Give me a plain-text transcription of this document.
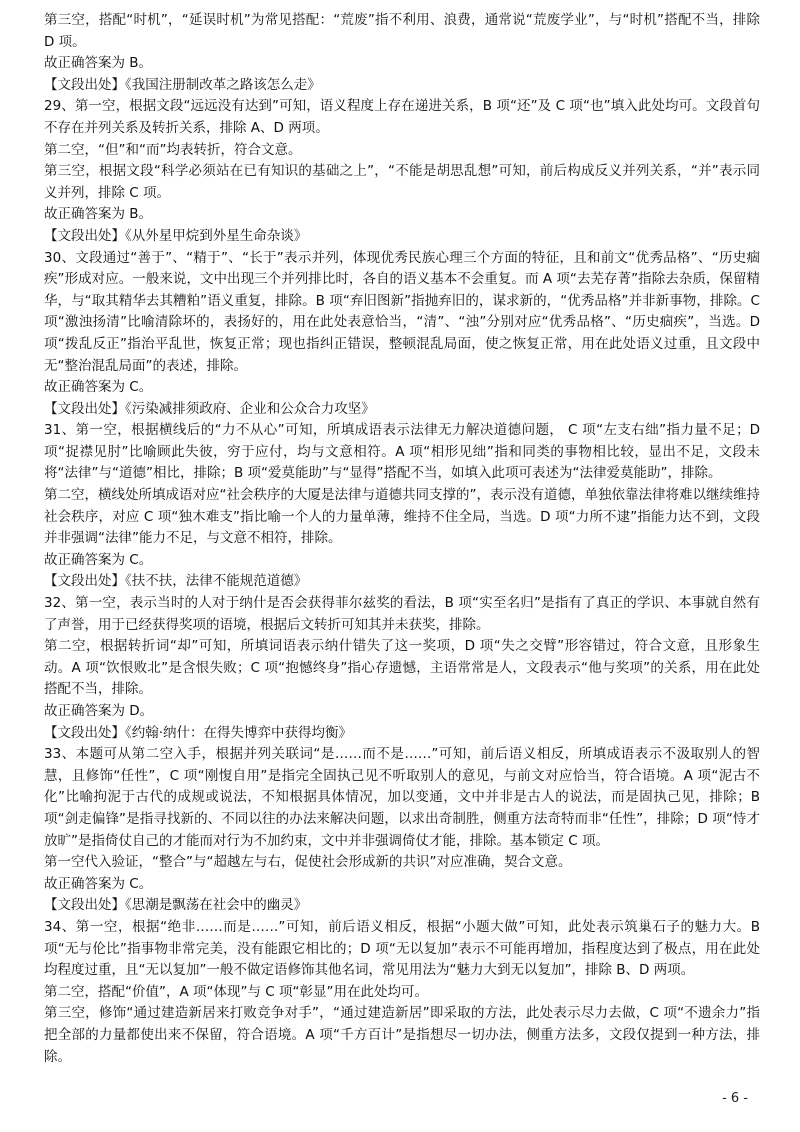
第三空，搭配“时机”，“延误时机”为常见搭配：“荒废”指不利用、浪费，通常说“荒废学业”，与“时机”搭配不当，排除 D 项。

故正确答案为 B。

【文段出处】《我国注册制改革之路该怎么走》

29、第一空，根据文段“远远没有达到”可知，语义程度上存在递进关系，B 项“还”及 C 项“也”填入此处均可。文段首句不存在并列关系及转折关系，排除 A、D 两项。

第二空，“但”和“而”均表转折，符合文意。

第三空，根据文段“科学必须站在已有知识的基础之上”，“不能是胡思乱想”可知，前后构成反义并列关系，“并”表示同义并列，排除 C 项。

故正确答案为 B。

【文段出处】《从外星甲烷到外星生命杂谈》

30、文段通过“善于”、“精于”、“长于”表示并列，体现优秀民族心理三个方面的特征，且和前文“优秀品格”、“历史痼疾”形成对应。一般来说，文中出现三个并列排比时，各自的语义基本不会重复。而 A 项“去芜存菁”指除去杂质，保留精华，与“取其精华去其糟粕”语义重复，排除。B 项“弃旧图新”指抛弃旧的，谋求新的，“优秀品格”并非新事物，排除。C 项“激浊扬清”比喻清除坏的，表扬好的，用在此处表意恰当，“清”、“浊”分别对应“优秀品格”、“历史痼疾”，当选。D 项“拨乱反正”指治平乱世，恢复正常；现也指纠正错误，整顿混乱局面，使之恢复正常，用在此处语义过重，且文段中无“整治混乱局面”的表述，排除。

故正确答案为 C。

【文段出处】《污染减排须政府、企业和公众合力攻坚》

31、第一空，根据横线后的“力不从心”可知，所填成语表示法律无力解决道德问题， C 项“左支右绌”指力量不足；D 项“捉襟见肘”比喻顾此失彼，穷于应付，均与文意相符。A 项“相形见绌”指和同类的事物相比较，显出不足，文段未将“法律”与“道德”相比，排除；B 项“爱莫能助”与“显得”搭配不当，如填入此项可表述为“法律爱莫能助”，排除。

第二空，横线处所填成语对应“社会秩序的大厦是法律与道德共同支撑的”，表示没有道德，单独依靠法律将难以继续维持社会秩序，对应 C 项“独木难支”指比喻一个人的力量单薄，维持不住全局，当选。D 项“力所不逮”指能力达不到，文段并非强调“法律”能力不足，与文意不相符，排除。

故正确答案为 C。

【文段出处】《扶不扶，法律不能规范道德》

32、第一空，表示当时的人对于纳什是否会获得菲尔兹奖的看法，B 项“实至名归”是指有了真正的学识、本事就自然有了声誉，用于已经获得奖项的语境，根据后文转折可知其并未获奖，排除。

第二空，根据转折词“却”可知，所填词语表示纳什错失了这一奖项，D 项“失之交臂”形容错过，符合文意，且形象生动。A 项“饮恨败北”是含恨失败；C 项“抱憾终身”指心存遗憾，主语常常是人，文段表示“他与奖项”的关系，用在此处搭配不当，排除。

故正确答案为 D。

【文段出处】《约翰·纳什：在得失博弈中获得均衡》

33、本题可从第二空入手，根据并列关联词“是……而不是……”可知，前后语义相反，所填成语表示不汲取别人的智慧，且修饰“任性”，C 项“刚愎自用”是指完全固执己见不听取别人的意见，与前文对应恰当，符合语境。A 项“泥古不化”比喻拘泥于古代的成规或说法，不知根据具体情况，加以变通，文中并非是古人的说法，而是固执己见，排除；B 项“剑走偏锋”是指寻找新的、不同以往的办法来解决问题，以求出奇制胜，侧重方法奇特而非“任性”，排除；D 项“恃才放旷”是指倚仗自己的才能而对行为不加约束，文中并非强调倚仗才能，排除。基本锁定 C 项。

第一空代入验证，“整合”与“超越左与右，促使社会形成新的共识”对应准确，契合文意。

故正确答案为 C。

【文段出处】《思潮是飘荡在社会中的幽灵》

34、第一空，根据“绝非……而是……”可知，前后语义相反，根据“小题大做”可知，此处表示筑巢石子的魅力大。B 项“无与伦比”指事物非常完美，没有能跟它相比的；D 项“无以复加”表示不可能再增加，指程度达到了极点，用在此处均程度过重，且“无以复加”一般不做定语修饰其他名词，常见用法为“魅力大到无以复加”，排除 B、D 两项。

第二空，搭配“价值”，A 项“体现”与 C 项“彰显”用在此处均可。

第三空，修饰“通过建造新居来打败竞争对手”，“通过建造新居”即采取的方法，此处表示尽力去做，C 项“不遗余力”指把全部的力量都使出来不保留，符合语境。A 项“千方百计”是指想尽一切办法，侧重方法多，文段仅提到一种方法，排除。

- 6 -
